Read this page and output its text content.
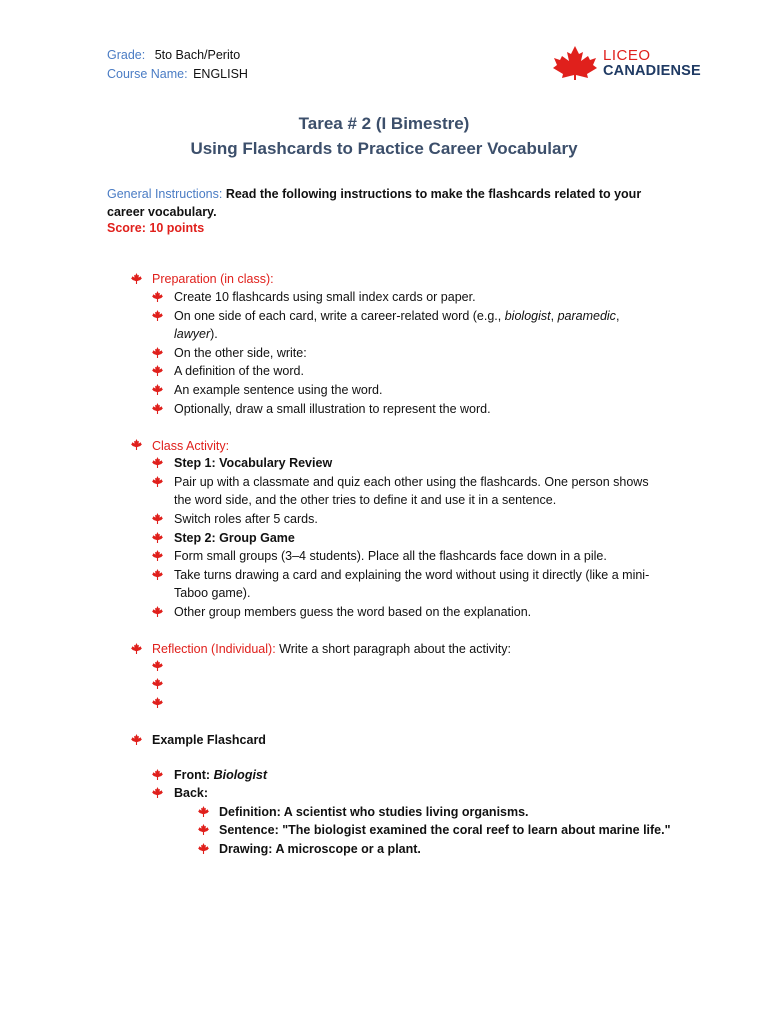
Grade: 5to Bach/Perito
Course Name: ENGLISH
LICEO
CANADIENSE
Tarea # 2 (I Bimestre)
Using Flashcards to Practice Career Vocabulary
General Instructions: Read the following instructions to make the flashcards related to your career vocabulary.
Score: 10 points
Preparation (in class):
Create 10 flashcards using small index cards or paper.
On one side of each card, write a career-related word (e.g., biologist, paramedic,
lawyer).
On the other side, write:
A definition of the word.
An example sentence using the word.
Optionally, draw a small illustration to represent the word.
Class Activity:
Step 1: Vocabulary Review
Pair up with a classmate and quiz each other using the flashcards. One person shows
the word side, and the other tries to define it and use it in a sentence.
Switch roles after 5 cards.
Step 2: Group Game
Form small groups (3–4 students). Place all the flashcards face down in a pile.
Take turns drawing a card and explaining the word without using it directly (like a mini-
Taboo game).
Other group members guess the word based on the explanation.
Reflection (Individual): Write a short paragraph about the activity:
Example Flashcard
Front: Biologist
Back:
Definition: A scientist who studies living organisms.
Sentence: "The biologist examined the coral reef to learn about marine life."
Drawing: A microscope or a plant.
